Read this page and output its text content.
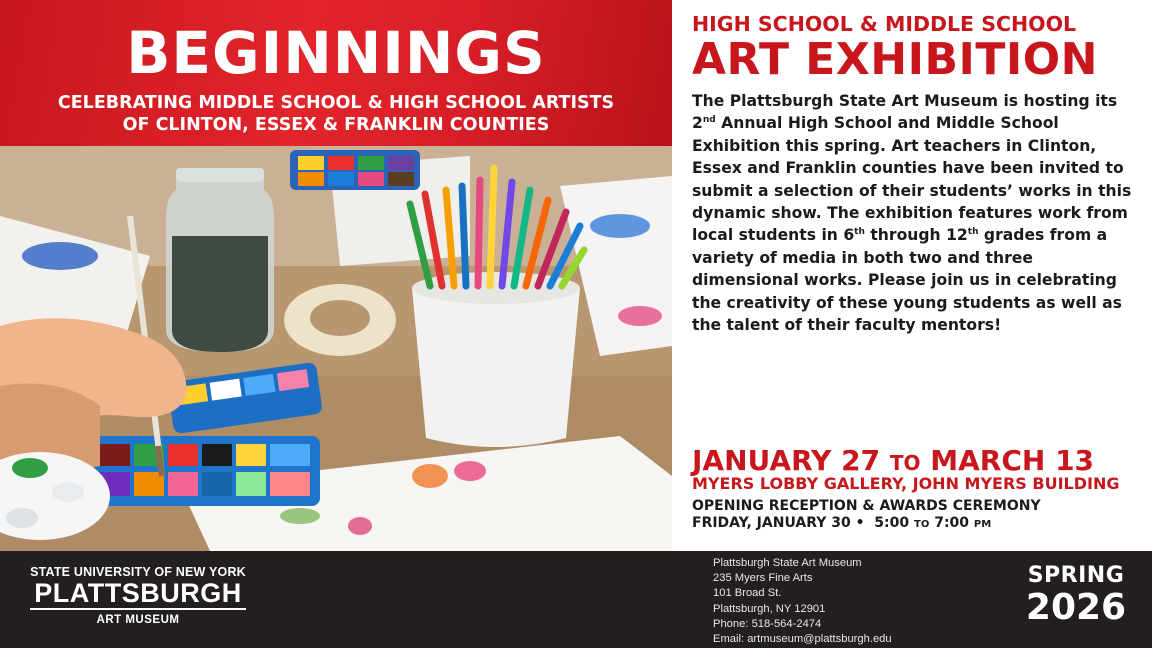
BEGINNINGS
CELEBRATING MIDDLE SCHOOL & HIGH SCHOOL ARTISTS
OF CLINTON, ESSEX & FRANKLIN COUNTIES
HIGH SCHOOL & MIDDLE SCHOOL
ART EXHIBITION

The Plattsburgh State Art Museum is hosting its 2nd Annual High School and Middle School Exhibition this spring. Art teachers in Clinton, Essex and Franklin counties have been invited to submit a selection of their students’ works in this dynamic show. The exhibition features work from local students in 6th through 12th grades from a variety of media in both two and three dimensional works. Please join us in celebrating the creativity of these young students as well as the talent of their faculty mentors!

JANUARY 27 TO MARCH 13
MYERS LOBBY GALLERY, JOHN MYERS BUILDING
OPENING RECEPTION & AWARDS CEREMONY
FRIDAY, JANUARY 30 • 5:00 TO 7:00 PM
STATE UNIVERSITY OF NEW YORK
PLATTSBURGH
ART MUSEUM
Plattsburgh State Art Museum
235 Myers Fine Arts
101 Broad St.
Plattsburgh, NY 12901
Phone: 518-564-2474
Email: artmuseum@plattsburgh.edu
SPRING
2026
